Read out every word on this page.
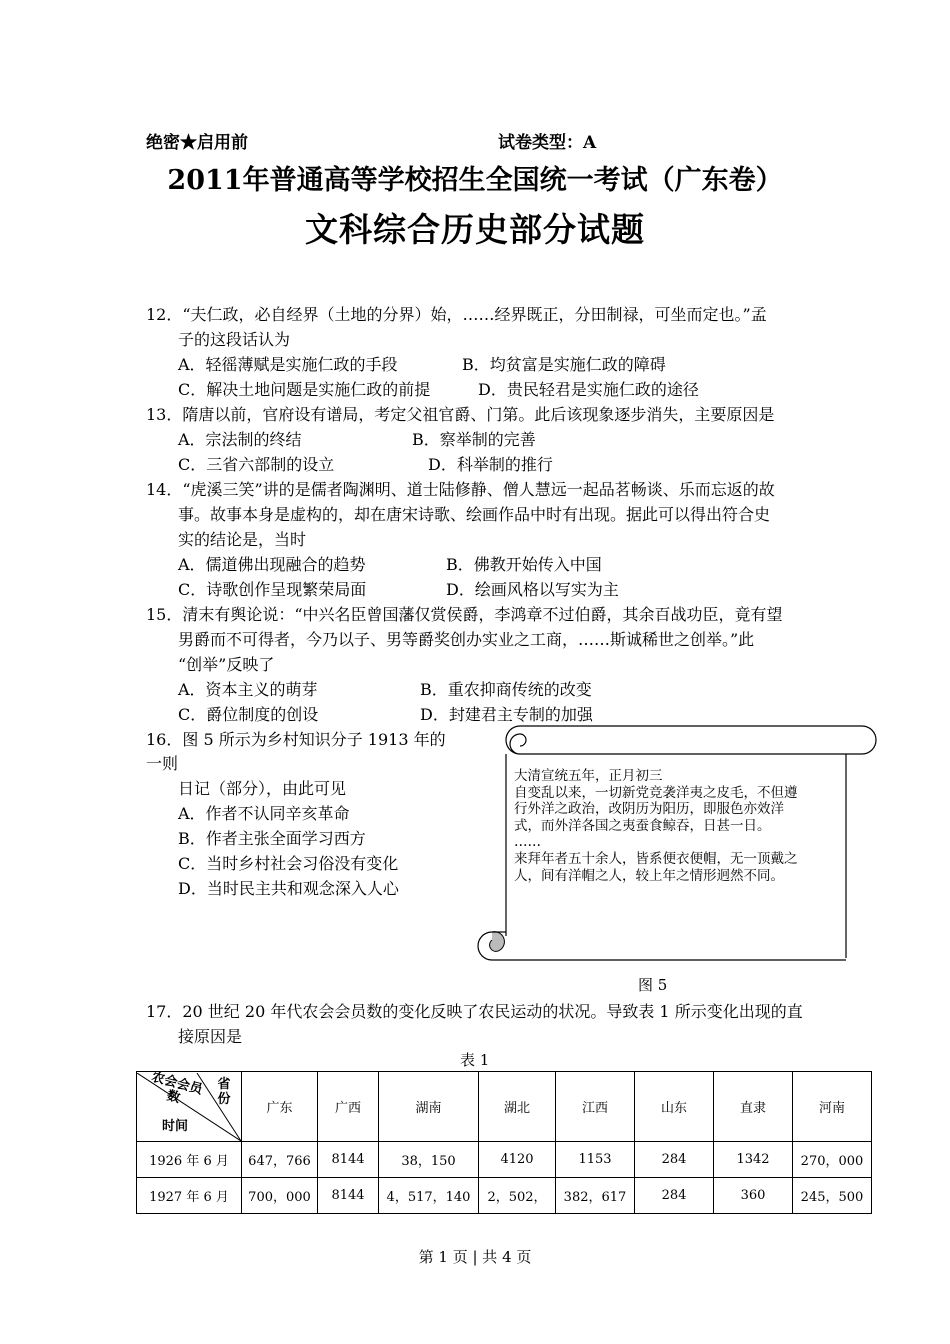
绝密★启用前	试卷类型：A
2011年普通高等学校招生全国统一考试（广东卷）
文科综合历史部分试题
12．“夫仁政，必自经界（土地的分界）始，……经界既正，分田制禄，可坐而定也。”孟
子的这段话认为
A．轻徭薄赋是实施仁政的手段	B．均贫富是实施仁政的障碍
C．解决土地问题是实施仁政的前提	D．贵民轻君是实施仁政的途径
13．隋唐以前，官府设有谱局，考定父祖官爵、门第。此后该现象逐步消失，主要原因是
A．宗法制的终结	B．察举制的完善
C．三省六部制的设立	D．科举制的推行
14．“虎溪三笑”讲的是儒者陶渊明、道士陆修静、僧人慧远一起品茗畅谈、乐而忘返的故
事。故事本身是虚构的，却在唐宋诗歌、绘画作品中时有出现。据此可以得出符合史
实的结论是，当时
A．儒道佛出现融合的趋势	B．佛教开始传入中国
C．诗歌创作呈现繁荣局面	D．绘画风格以写实为主
15．清末有舆论说：“中兴名臣曾国藩仅赏侯爵，李鸿章不过伯爵，其余百战功臣，竟有望
男爵而不可得者，今乃以子、男等爵奖创办实业之工商，……斯诚稀世之创举。”此
“创举”反映了
A．资本主义的萌芽	B．重农抑商传统的改变
C．爵位制度的创设	D．封建君主专制的加强
16．图 5 所示为乡村知识分子 1913 年的
一则
日记（部分），由此可见
A．作者不认同辛亥革命
B．作者主张全面学习西方
C．当时乡村社会习俗没有变化
D．当时民主共和观念深入人心
大清宣统五年，正月初三
自变乱以来，一切新党竞袭洋夷之皮毛，不但遵
行外洋之政治，改阴历为阳历，即服色亦效洋
式，而外洋各国之夷蚕食鲸吞，日甚一日。
……
来拜年者五十余人，皆系便衣便帽，无一顶戴之
人，间有洋帽之人，较上年之情形迥然不同。
图 5
17．20 世纪 20 年代农会会员数的变化反映了农民运动的状况。导致表 1 所示变化出现的直
接原因是
表 1
省份
农会会员数
时间	广东	广西	湖南	湖北	江西	山东	直隶	河南
1926 年 6 月	647，766	8144	38，150	4120	1153	284	1342	270，000
1927 年 6 月	700，000	8144	4，517，140	2，502，	382，617	284	360	245，500
第 1 页 | 共 4 页
